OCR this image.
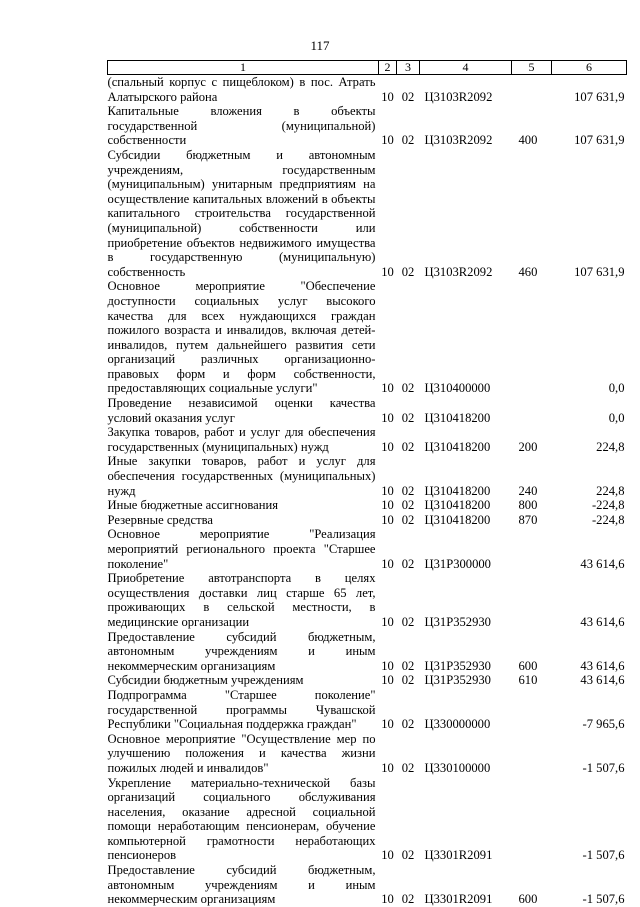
117
1	2	3	4	5	6
(спальный корпус с пищеблоком) в пос. Атрать Алатырского района	10	02	Ц3103R2092		107 631,9
Капитальные вложения в объекты государственной (муниципальной) собственности	10	02	Ц3103R2092	400	107 631,9
Субсидии бюджетным и автономным учреждениям, государственным (муниципальным) унитарным предприятиям на осуществление капитальных вложений в объекты капитального строительства государственной (муниципальной) собственности или приобретение объектов недвижимого имущества в государственную (муниципальную) собственность	10	02	Ц3103R2092	460	107 631,9
Основное мероприятие "Обеспечение доступности социальных услуг высокого качества для всех нуждающихся граждан пожилого возраста и инвалидов, включая детей-инвалидов, путем дальнейшего развития сети организаций различных организационно-правовых форм и форм собственности, предоставляющих социальные услуги"	10	02	Ц310400000		0,0
Проведение независимой оценки качества условий оказания услуг	10	02	Ц310418200		0,0
Закупка товаров, работ и услуг для обеспечения государственных (муниципальных) нужд	10	02	Ц310418200	200	224,8
Иные закупки товаров, работ и услуг для обеспечения государственных (муниципальных) нужд	10	02	Ц310418200	240	224,8
Иные бюджетные ассигнования	10	02	Ц310418200	800	-224,8
Резервные средства	10	02	Ц310418200	870	-224,8
Основное мероприятие "Реализация мероприятий регионального проекта "Старшее поколение"	10	02	Ц31P300000		43 614,6
Приобретение автотранспорта в целях осуществления доставки лиц старше 65 лет, проживающих в сельской местности, в медицинские организации	10	02	Ц31P352930		43 614,6
Предоставление субсидий бюджетным, автономным учреждениям и иным некоммерческим организациям	10	02	Ц31P352930	600	43 614,6
Субсидии бюджетным учреждениям	10	02	Ц31P352930	610	43 614,6
Подпрограмма "Старшее поколение" государственной программы Чувашской Республики "Социальная поддержка граждан"	10	02	Ц330000000		-7 965,6
Основное мероприятие "Осуществление мер по улучшению положения и качества жизни пожилых людей и инвалидов"	10	02	Ц330100000		-1 507,6
Укрепление материально-технической базы организаций социального обслуживания населения, оказание адресной социальной помощи неработающим пенсионерам, обучение компьютерной грамотности неработающих пенсионеров	10	02	Ц3301R2091		-1 507,6
Предоставление субсидий бюджетным, автономным учреждениям и иным некоммерческим организациям	10	02	Ц3301R2091	600	-1 507,6
